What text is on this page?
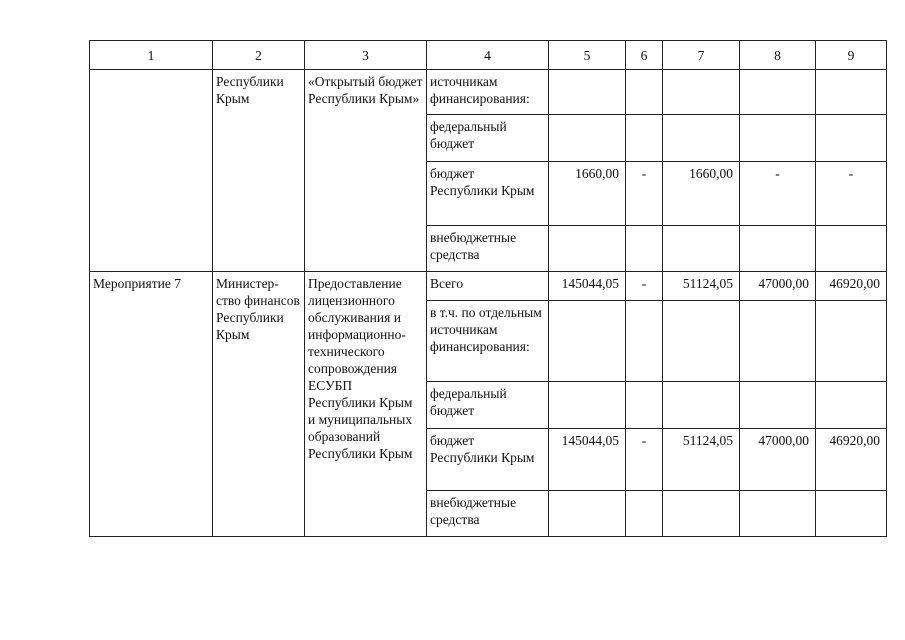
1	2	3	4	5	6	7	8	9
	Республики Крым	«Открытый бюджет Республики Крым»	источникам финансирования:					
			федеральный бюджет					
			бюджет Республики Крым	1660,00	-	1660,00	-	-
			внебюджетные средства					
Мероприятие 7	Министер-ство финансов Республики Крым	Предоставление лицензионного обслуживания и информационно-технического сопровождения ЕСУБП Республики Крым и муниципальных образований Республики Крым	Всего	145044,05	-	51124,05	47000,00	46920,00
			в т.ч. по отдельным источникам финансирования:					
			федеральный бюджет					
			бюджет Республики Крым	145044,05	-	51124,05	47000,00	46920,00
			внебюджетные средства					
